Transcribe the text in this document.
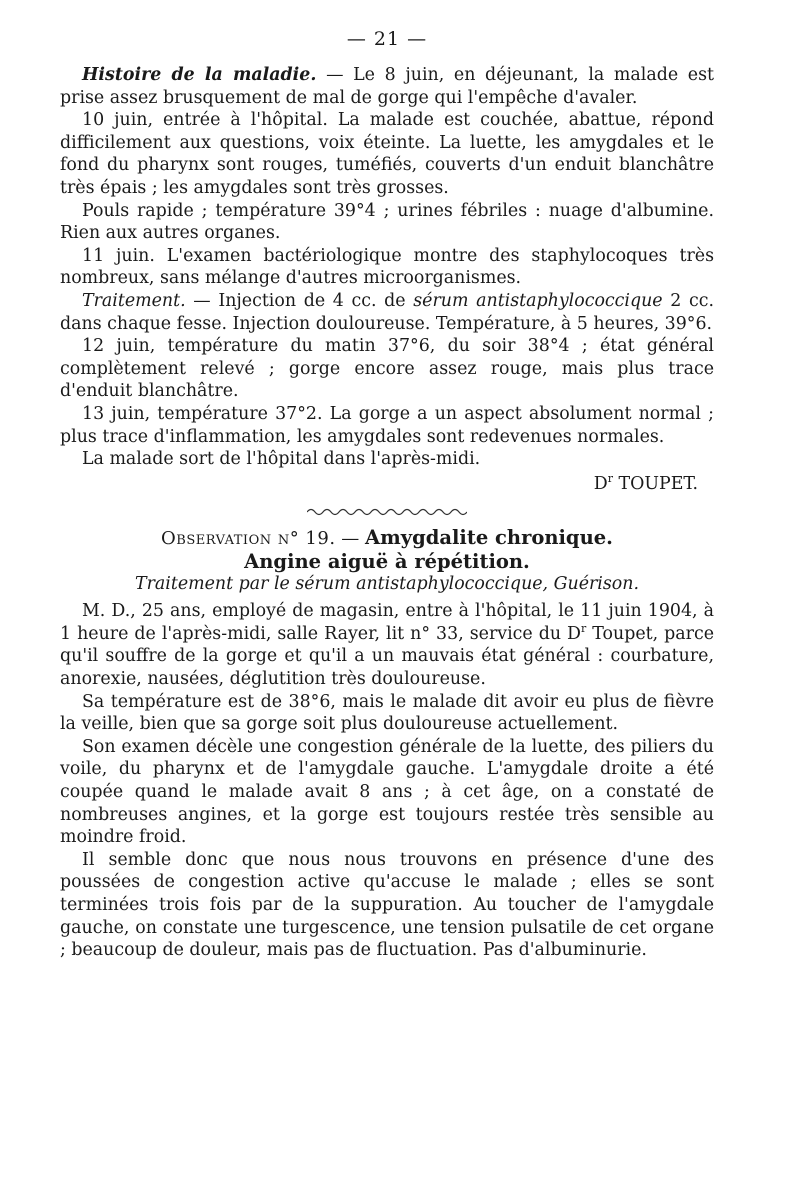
— 21 —

Histoire de la maladie. — Le 8 juin, en déjeunant, la malade est prise assez brusquement de mal de gorge qui l'empêche d'avaler.

10 juin, entrée à l'hôpital. La malade est couchée, abattue, répond difficilement aux questions, voix éteinte. La luette, les amygdales et le fond du pharynx sont rouges, tuméfiés, couverts d'un enduit blanchâtre très épais ; les amygdales sont très grosses.

Pouls rapide ; température 39°4 ; urines fébriles : nuage d'albumine. Rien aux autres organes.

11 juin. L'examen bactériologique montre des staphylocoques très nombreux, sans mélange d'autres microorganismes.

Traitement. — Injection de 4 cc. de sérum antistaphylococcique 2 cc. dans chaque fesse. Injection douloureuse. Température, à 5 heures, 39°6.

12 juin, température du matin 37°6, du soir 38°4 ; état général complètement relevé ; gorge encore assez rouge, mais plus trace d'enduit blanchâtre.

13 juin, température 37°2. La gorge a un aspect absolument normal ; plus trace d'inflammation, les amygdales sont redevenues normales.

La malade sort de l'hôpital dans l'après-midi.

$D^r$ TOUPET.
Observation n° 19. — Amygdalite chronique.
Angine aiguë à répétition.
Traitement par le sérum antistaphylococcique, Guérison.

M. D., 25 ans, employé de magasin, entre à l'hôpital, le 11 juin 1904, à 1 heure de l'après-midi, salle Rayer, lit n° 33, service du $D^r$ Toupet, parce qu'il souffre de la gorge et qu'il a un mauvais état général : courbature, anorexie, nausées, déglutition très douloureuse.

Sa température est de 38°6, mais le malade dit avoir eu plus de fièvre la veille, bien que sa gorge soit plus douloureuse actuellement.

Son examen décèle une congestion générale de la luette, des piliers du voile, du pharynx et de l'amygdale gauche. L'amygdale droite a été coupée quand le malade avait 8 ans ; à cet âge, on a constaté de nombreuses angines, et la gorge est toujours restée très sensible au moindre froid.

Il semble donc que nous nous trouvons en présence d'une des poussées de congestion active qu'accuse le malade ; elles se sont terminées trois fois par de la suppuration. Au toucher de l'amygdale gauche, on constate une turgescence, une tension pulsatile de cet organe ; beaucoup de douleur, mais pas de fluctuation. Pas d'albuminurie.
